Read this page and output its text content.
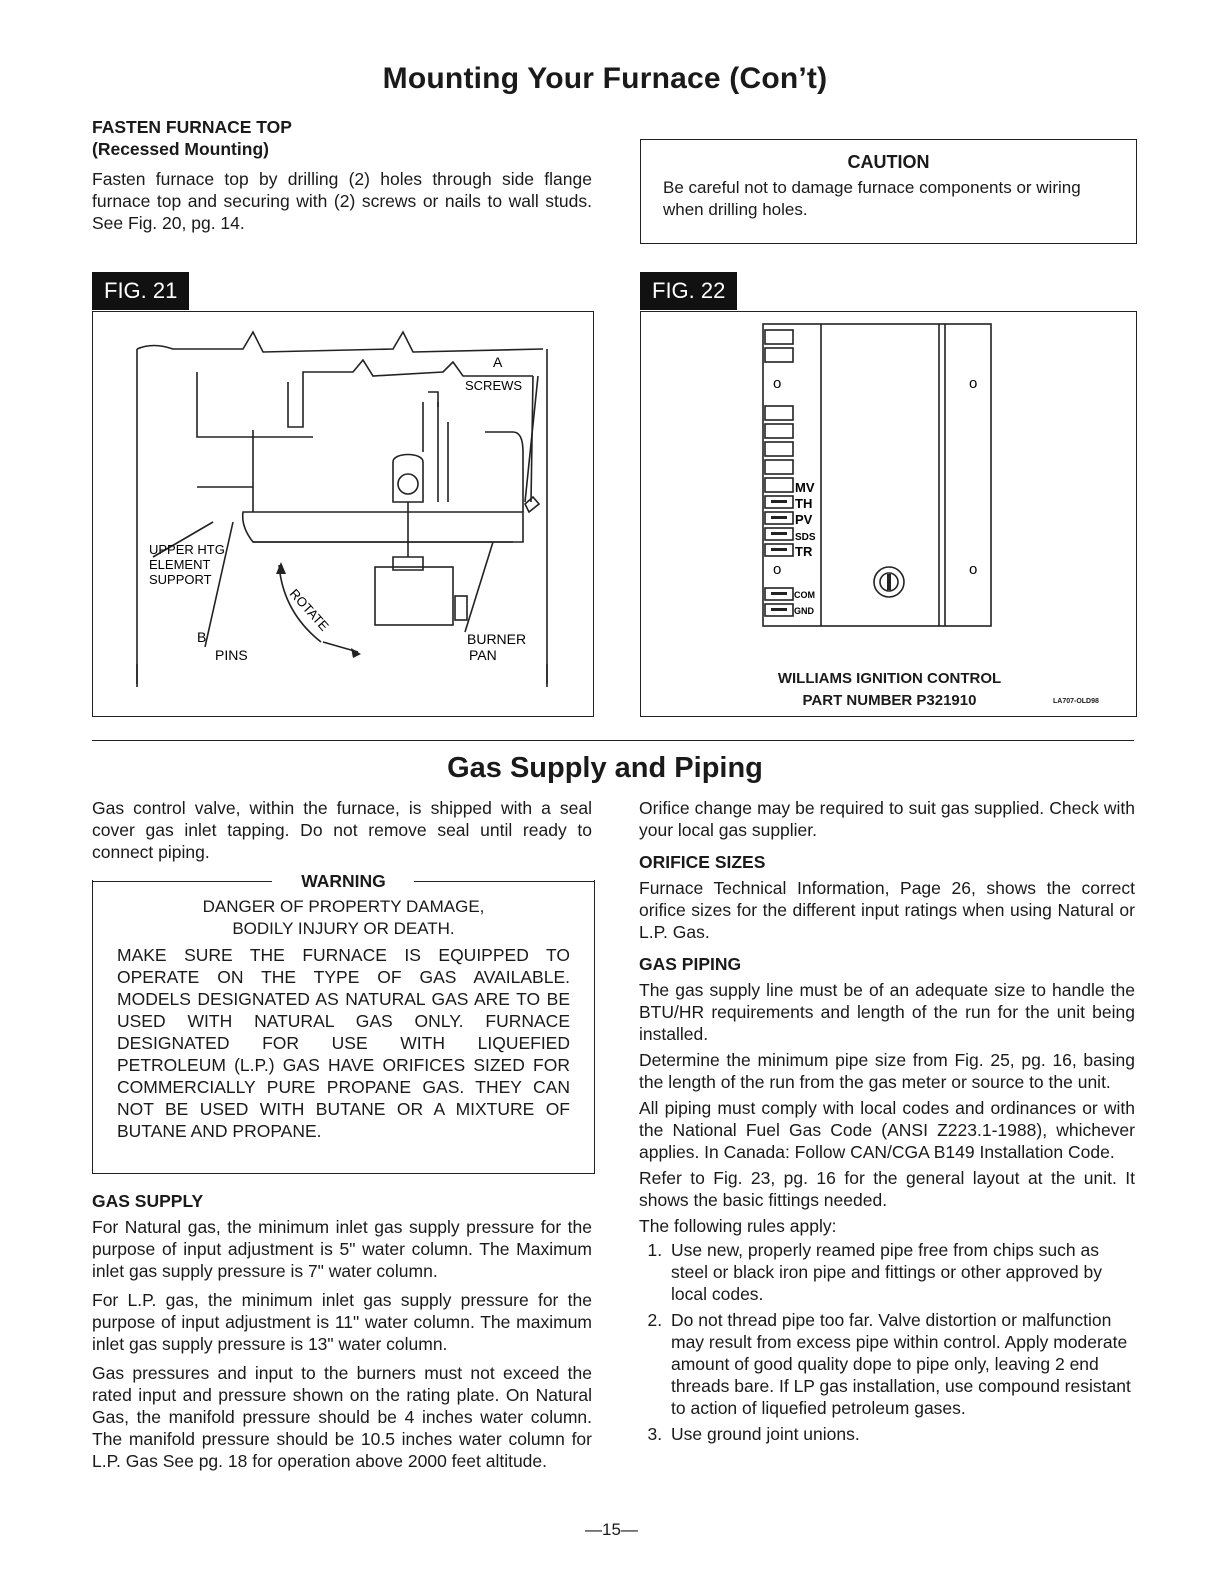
Mounting Your Furnace (Con’t)
FASTEN FURNACE TOP
(Recessed Mounting)

Fasten furnace top by drilling (2) holes through side flange furnace top and securing with (2) screws or nails to wall studs. See Fig. 20, pg. 14.

CAUTION

Be careful not to damage furnace components or wiring when drilling holes.

FIG. 21
A
SCREWS
UPPER HTG
ELEMENT
SUPPORT
B
PINS
BURNER
PAN
ROTATE
FIG. 22
o	o
o	o
MV
TH
PV
SDS
TR
COM
GND
WILLIAMS IGNITION CONTROL
PART NUMBER P321910	LA707-OLD98
Gas Supply and Piping

Gas control valve, within the furnace, is shipped with a seal cover gas inlet tapping. Do not remove seal until ready to connect piping.

WARNING
DANGER OF PROPERTY DAMAGE,
BODILY INJURY OR DEATH.
MAKE SURE THE FURNACE IS EQUIPPED TO OPERATE ON THE TYPE OF GAS AVAILABLE. MODELS DESIGNATED AS NATURAL GAS ARE TO BE USED WITH NATURAL GAS ONLY. FURNACE DESIGNATED FOR USE WITH LIQUEFIED PETROLEUM (L.P.) GAS HAVE ORIFICES SIZED FOR COMMERCIALLY PURE PROPANE GAS. THEY CAN NOT BE USED WITH BUTANE OR A MIXTURE OF BUTANE AND PROPANE.
GAS SUPPLY

For Natural gas, the minimum inlet gas supply pressure for the purpose of input adjustment is 5" water column. The Maximum inlet gas supply pressure is 7" water column.

For L.P. gas, the minimum inlet gas supply pressure for the purpose of input adjustment is 11" water column. The maximum inlet gas supply pressure is 13" water column.

Gas pressures and input to the burners must not exceed the rated input and pressure shown on the rating plate. On Natural Gas, the manifold pressure should be 4 inches water column. The manifold pressure should be 10.5 inches water column for L.P. Gas See pg. 18 for operation above 2000 feet altitude.

Orifice change may be required to suit gas supplied. Check with your local gas supplier.

ORIFICE SIZES

Furnace Technical Information, Page 26, shows the correct orifice sizes for the different input ratings when using Natural or L.P. Gas.

GAS PIPING

The gas supply line must be of an adequate size to handle the BTU/HR requirements and length of the run for the unit being installed.

Determine the minimum pipe size from Fig. 25, pg. 16, basing the length of the run from the gas meter or source to the unit.

All piping must comply with local codes and ordinances or with the National Fuel Gas Code (ANSI Z223.1-1988), whichever applies. In Canada: Follow CAN/CGA B149 Installation Code.

Refer to Fig. 23, pg. 16 for the general layout at the unit. It shows the basic fittings needed.

The following rules apply:

1. Use new, properly reamed pipe free from chips such as steel or black iron pipe and fittings or other approved by local codes.
2. Do not thread pipe too far. Valve distortion or malfunction may result from excess pipe within control. Apply moderate amount of good quality dope to pipe only, leaving 2 end threads bare. If LP gas installation, use compound resistant to action of liquefied petroleum gases.
3. Use ground joint unions.
—15—
